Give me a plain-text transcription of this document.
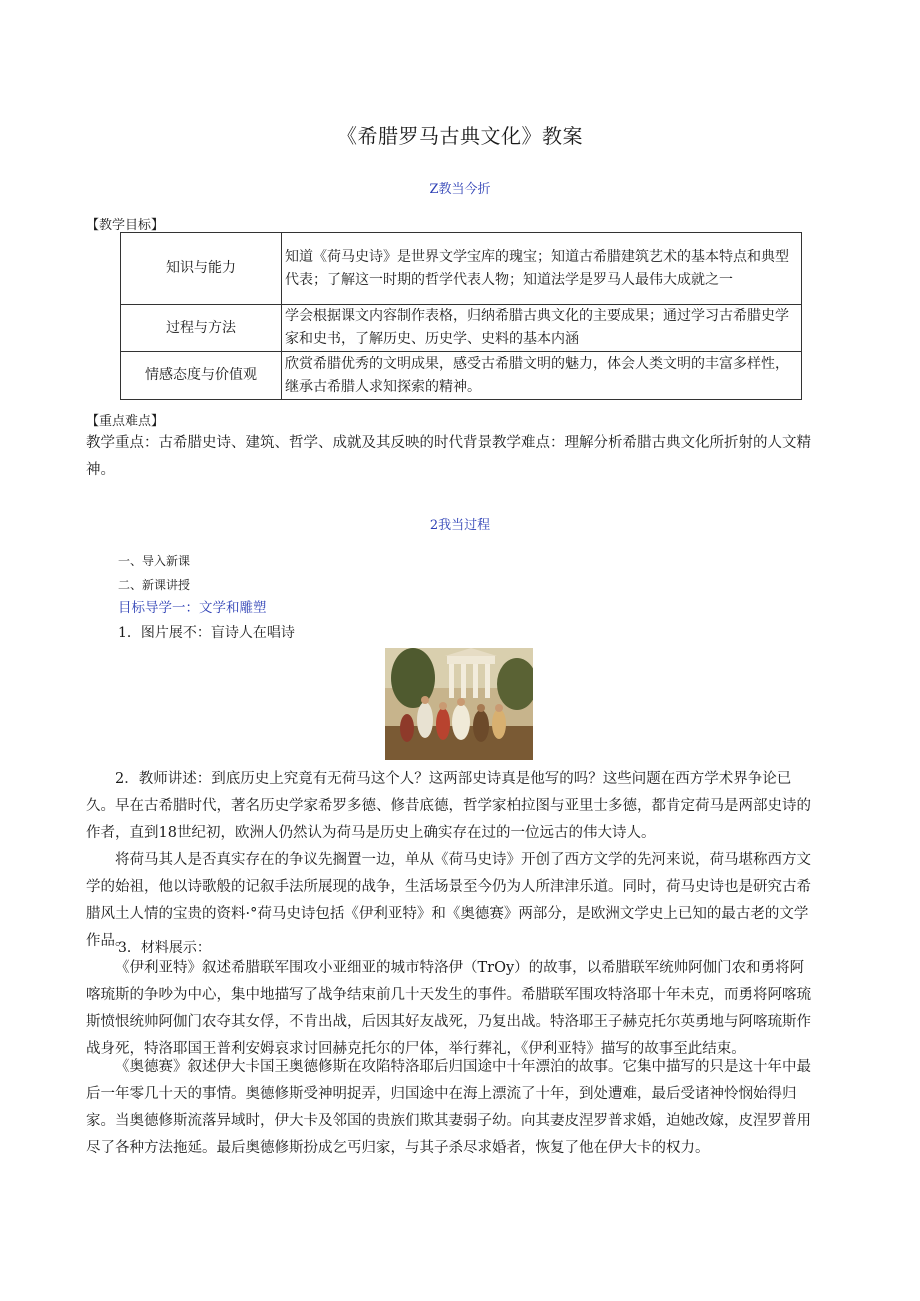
《希腊罗马古典文化》教案
Z教当今折
【教学目标】
知识与能力	知道《荷马史诗》是世界文学宝库的瑰宝；知道古希腊建筑艺术的基本特点和典型代表；了解这一时期的哲学代表人物；知道法学是罗马人最伟大成就之一
过程与方法	学会根据课文内容制作表格，归纳希腊古典文化的主要成果；通过学习古希腊史学家和史书，了解历史、历史学、史料的基本内涵
情感态度与价值观	欣赏希腊优秀的文明成果，感受古希腊文明的魅力，体会人类文明的丰富多样性，继承古希腊人求知探索的精神。
【重点难点】
教学重点：古希腊史诗、建筑、哲学、成就及其反映的时代背景教学难点：理解分析希腊古典文化所折射的人文精神。
2我当过程
一、导入新课
二、新课讲授
目标导学一：文学和雕塑
1．图片展不：盲诗人在唱诗
2．教师讲述：到底历史上究竟有无荷马这个人？这两部史诗真是他写的吗？这些问题在西方学术界争论已久。早在古希腊时代，著名历史学家希罗多德、修昔底德，哲学家柏拉图与亚里士多德，都肯定荷马是两部史诗的作者，直到18世纪初，欧洲人仍然认为荷马是历史上确实存在过的一位远古的伟大诗人。
将荷马其人是否真实存在的争议先搁置一边，单从《荷马史诗》开创了西方文学的先河来说，荷马堪称西方文学的始祖，他以诗歌般的记叙手法所展现的战争，生活场景至今仍为人所津津乐道。同时，荷马史诗也是研究古希腊风土人情的宝贵的资料·°荷马史诗包括《伊利亚特》和《奥德赛》两部分，是欧洲文学史上已知的最古老的文学作品。
3．材料展示：
《伊利亚特》叙述希腊联军围攻小亚细亚的城市特洛伊（TrOy）的故事，以希腊联军统帅阿伽门农和勇将阿喀琉斯的争吵为中心，集中地描写了战争结束前几十天发生的事件。希腊联军围攻特洛耶十年未克，而勇将阿喀琉斯愤恨统帅阿伽门农夺其女俘，不肯出战，后因其好友战死，乃复出战。特洛耶王子赫克托尔英勇地与阿喀琉斯作战身死，特洛耶国王普利安姆哀求讨回赫克托尔的尸体，举行葬礼，《伊利亚特》描写的故事至此结束。
《奥德赛》叙述伊大卡国王奥德修斯在攻陷特洛耶后归国途中十年漂泊的故事。它集中描写的只是这十年中最后一年零几十天的事情。奥德修斯受神明捉弄，归国途中在海上漂流了十年，到处遭难，最后受诸神怜悯始得归家。当奥德修斯流落异域时，伊大卡及邻国的贵族们欺其妻弱子幼。向其妻皮涅罗普求婚，迫她改嫁，皮涅罗普用尽了各种方法拖延。最后奥德修斯扮成乞丐归家，与其子杀尽求婚者，恢复了他在伊大卡的权力。
